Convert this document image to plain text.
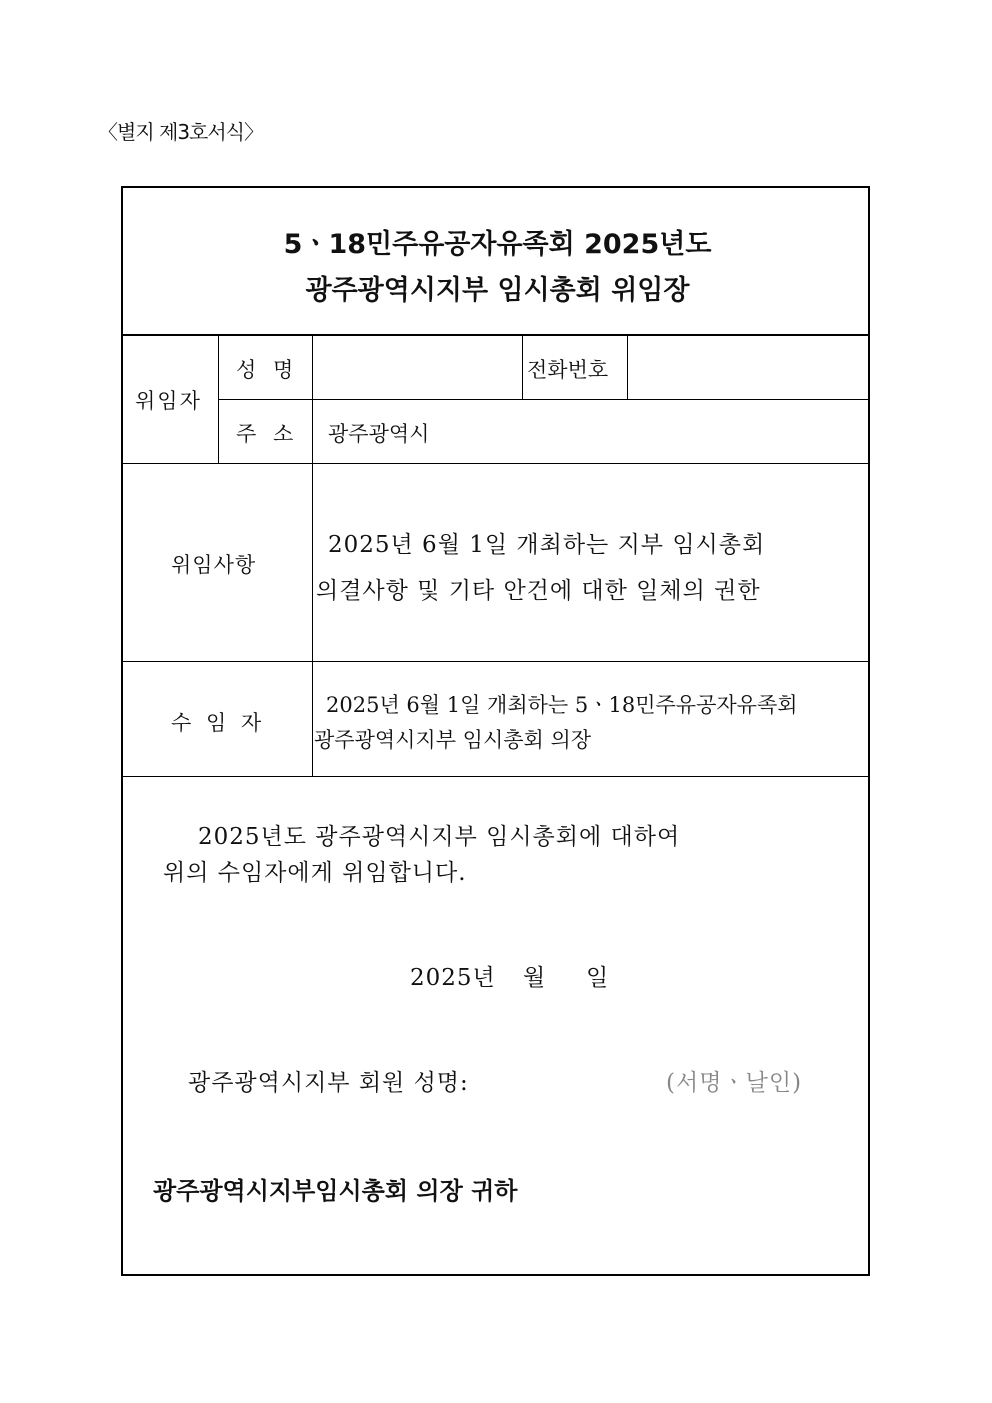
〈별지 제3호서식〉
5ㆍ18민주유공자유족회 2025년도
광주광역시지부 임시총회 위임장
위임자
성 명	전화번호
주 소 광주광역시
위임사항
2025년 6월 1일 개최하는 지부 임시총회
의결사항 및 기타 안건에 대한 일체의 권한
수 임 자
2025년 6월 1일 개최하는 5ㆍ18민주유공자유족회
광주광역시지부 임시총회 의장
2025년도 광주광역시지부 임시총회에 대하여
위의 수임자에게 위임합니다.
2025년 월 일
광주광역시지부 회원 성명:	(서명ㆍ날인)
광주광역시지부임시총회 의장 귀하
